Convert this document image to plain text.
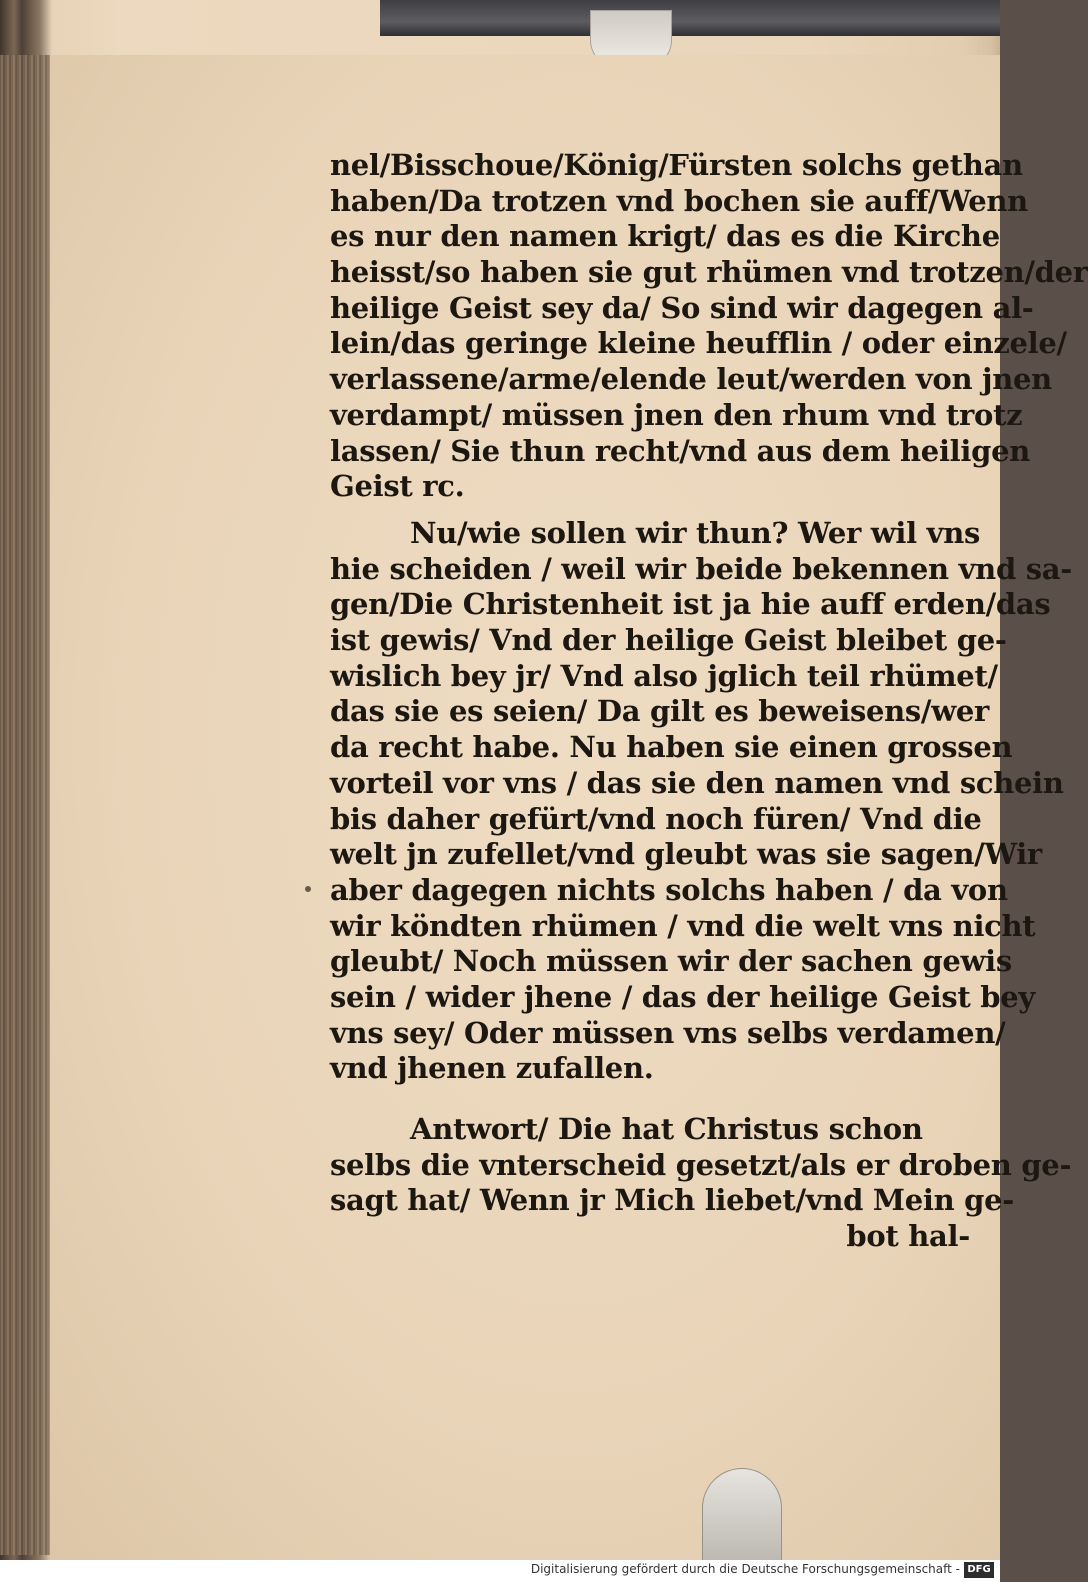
nel/Bisschoue/König/Fürsten solchs gethan
haben/Da trotzen vnd bochen sie auff/Wenn
es nur den namen krigt/ das es die Kirche
heisst/so haben sie gut rhümen vnd trotzen/der
heilige Geist sey da/ So sind wir dagegen al-
lein/das geringe kleine heufflin / oder einzele/
verlassene/arme/elende leut/werden von jnen
verdampt/ müssen jnen den rhum vnd trotz
lassen/ Sie thun recht/vnd aus dem heiligen
Geist rc.
Nu/wie sollen wir thun? Wer wil vns
hie scheiden / weil wir beide bekennen vnd sa-
gen/Die Christenheit ist ja hie auff erden/das
ist gewis/ Vnd der heilige Geist bleibet ge-
wislich bey jr/ Vnd also jglich teil rhümet/
das sie es seien/ Da gilt es beweisens/wer
da recht habe. Nu haben sie einen grossen
vorteil vor vns / das sie den namen vnd schein
bis daher gefürt/vnd noch füren/ Vnd die
welt jn zufellet/vnd gleubt was sie sagen/Wir
aber dagegen nichts solchs haben / da von
wir köndten rhümen / vnd die welt vns nicht
gleubt/ Noch müssen wir der sachen gewis
sein / wider jhene / das der heilige Geist bey
vns sey/ Oder müssen vns selbs verdamen/
vnd jhenen zufallen.
Antwort/ Die hat Christus schon
selbs die vnterscheid gesetzt/als er droben ge-
sagt hat/ Wenn jr Mich liebet/vnd Mein ge-
bot hal-
Digitalisierung gefördert durch die Deutsche Forschungsgemeinschaft - DFG
